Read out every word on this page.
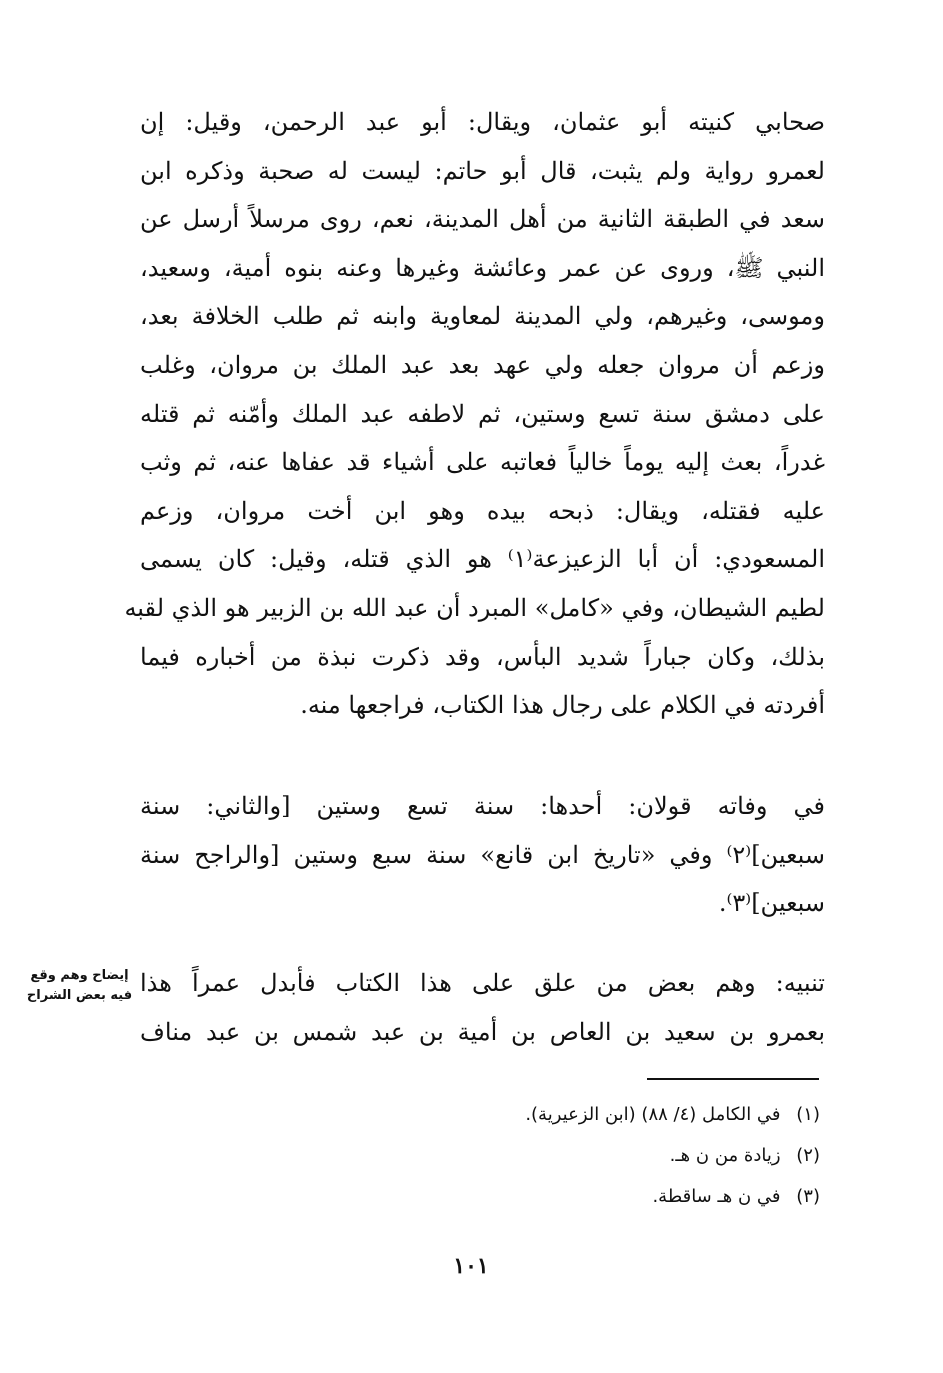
صحابي كنيته أبو عثمان، ويقال: أبو عبد الرحمن، وقيل: إن
لعمرو رواية ولم يثبت، قال أبو حاتم: ليست له صحبة وذكره ابن
سعد في الطبقة الثانية من أهل المدينة، نعم، روى مرسلاً أرسل عن
النبي ﷺ، وروى عن عمر وعائشة وغيرها وعنه بنوه أمية، وسعيد،
وموسى، وغيرهم، ولي المدينة لمعاوية وابنه ثم طلب الخلافة بعد،
وزعم أن مروان جعله ولي عهد بعد عبد الملك بن مروان، وغلب
على دمشق سنة تسع وستين، ثم لاطفه عبد الملك وأمّنه ثم قتله
غدراً، بعث إليه يوماً خالياً فعاتبه على أشياء قد عفاها عنه، ثم وثب
عليه فقتله، ويقال: ذبحه بيده وهو ابن أخت مروان، وزعم
المسعودي: أن أبا الزعيزعة⁽١⁾ هو الذي قتله، وقيل: كان يسمى
لطيم الشيطان، وفي «كامل» المبرد أن عبد الله بن الزبير هو الذي لقبه
بذلك، وكان جباراً شديد البأس، وقد ذكرت نبذة من أخباره فيما
أفردته في الكلام على رجال هذا الكتاب، فراجعها منه.
في وفاته قولان: أحدها: سنة تسع وستين [والثاني: سنة
سبعين]⁽٢⁾ وفي «تاريخ ابن قانع» سنة سبع وستين [والراجح سنة
سبعين]⁽٣⁾.
تنبيه: وهم بعض من علق على هذا الكتاب فأبدل عمراً هذا
بعمرو بن سعيد بن العاص بن أمية بن عبد شمس بن عبد مناف
إيضاح وهم وقع
فيه بعض الشراح
(١) في الكامل (٤/ ٨٨) (ابن الزعيرية).
(٢) زيادة من ن هـ.
(٣) في ن هـ ساقطة.
١٠١
